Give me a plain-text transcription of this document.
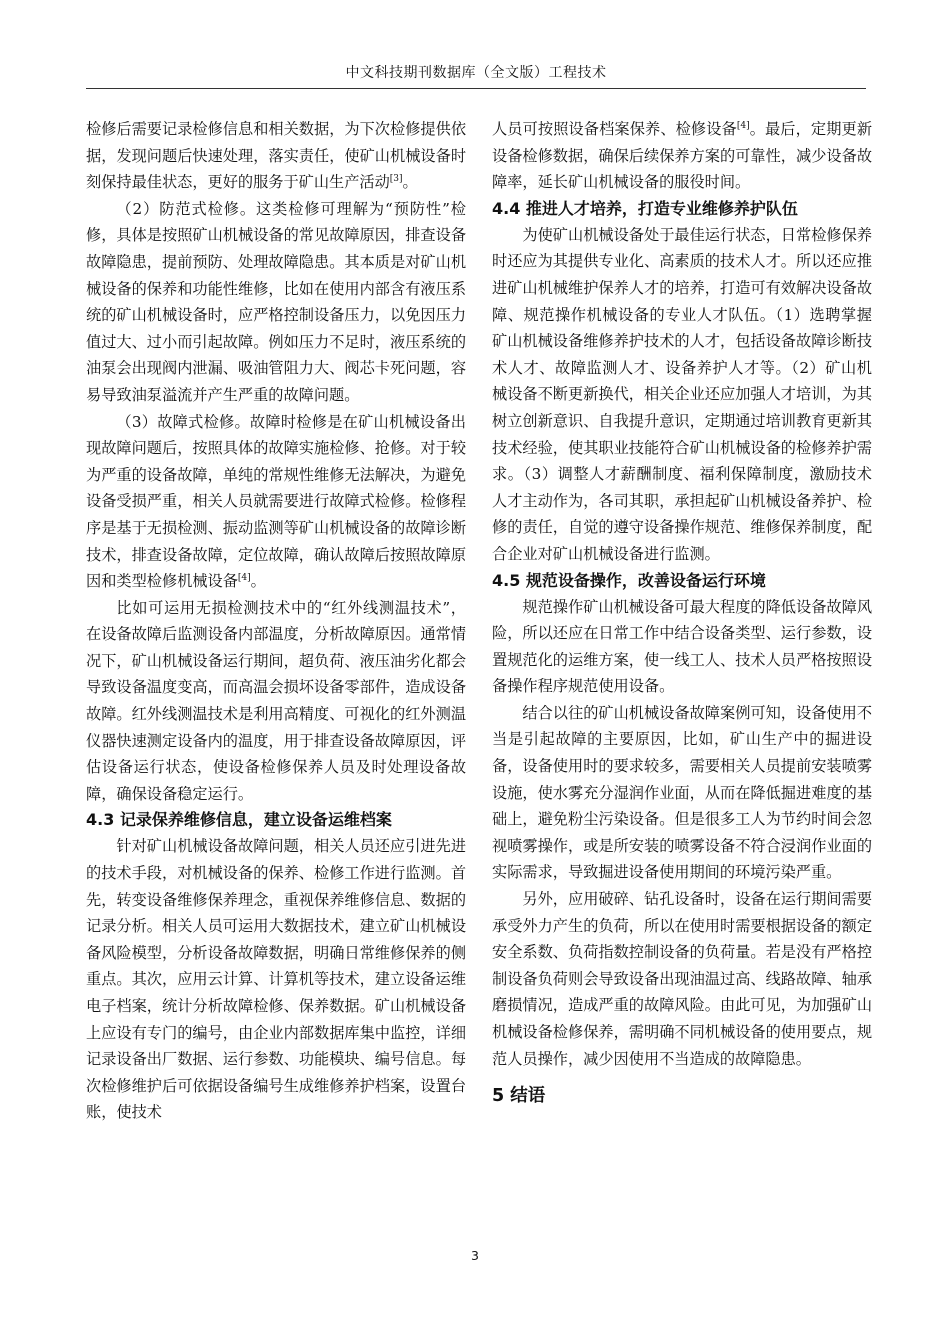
中文科技期刊数据库（全文版）工程技术

检修后需要记录检修信息和相关数据，为下次检修提供依据，发现问题后快速处理，落实责任，使矿山机械设备时刻保持最佳状态，更好的服务于矿山生产活动[3]。

（2）防范式检修。这类检修可理解为“预防性”检修，具体是按照矿山机械设备的常见故障原因，排查设备故障隐患，提前预防、处理故障隐患。其本质是对矿山机械设备的保养和功能性维修，比如在使用内部含有液压系统的矿山机械设备时，应严格控制设备压力，以免因压力值过大、过小而引起故障。例如压力不足时，液压系统的油泵会出现阀内泄漏、吸油管阻力大、阀芯卡死问题，容易导致油泵溢流并产生严重的故障问题。

（3）故障式检修。故障时检修是在矿山机械设备出现故障问题后，按照具体的故障实施检修、抢修。对于较为严重的设备故障，单纯的常规性维修无法解决，为避免设备受损严重，相关人员就需要进行故障式检修。检修程序是基于无损检测、振动监测等矿山机械设备的故障诊断技术，排查设备故障，定位故障，确认故障后按照故障原因和类型检修机械设备[4]。

比如可运用无损检测技术中的“红外线测温技术”，在设备故障后监测设备内部温度，分析故障原因。通常情况下，矿山机械设备运行期间，超负荷、液压油劣化都会导致设备温度变高，而高温会损坏设备零部件，造成设备故障。红外线测温技术是利用高精度、可视化的红外测温仪器快速测定设备内的温度，用于排查设备故障原因，评估设备运行状态，使设备检修保养人员及时处理设备故障，确保设备稳定运行。

4.3 记录保养维修信息，建立设备运维档案

针对矿山机械设备故障问题，相关人员还应引进先进的技术手段，对机械设备的保养、检修工作进行监测。首先，转变设备维修保养理念，重视保养维修信息、数据的记录分析。相关人员可运用大数据技术，建立矿山机械设备风险模型，分析设备故障数据，明确日常维修保养的侧重点。其次，应用云计算、计算机等技术，建立设备运维电子档案，统计分析故障检修、保养数据。矿山机械设备上应设有专门的编号，由企业内部数据库集中监控，详细记录设备出厂数据、运行参数、功能模块、编号信息。每次检修维护后可依据设备编号生成维修养护档案，设置台账，使技术

人员可按照设备档案保养、检修设备[4]。最后，定期更新设备检修数据，确保后续保养方案的可靠性，减少设备故障率，延长矿山机械设备的服役时间。

4.4 推进人才培养，打造专业维修养护队伍

为使矿山机械设备处于最佳运行状态，日常检修保养时还应为其提供专业化、高素质的技术人才。所以还应推进矿山机械维护保养人才的培养，打造可有效解决设备故障、规范操作机械设备的专业人才队伍。（1）选聘掌握矿山机械设备维修养护技术的人才，包括设备故障诊断技术人才、故障监测人才、设备养护人才等。（2）矿山机械设备不断更新换代，相关企业还应加强人才培训，为其树立创新意识、自我提升意识，定期通过培训教育更新其技术经验，使其职业技能符合矿山机械设备的检修养护需求。（3）调整人才薪酬制度、福利保障制度，激励技术人才主动作为，各司其职，承担起矿山机械设备养护、检修的责任，自觉的遵守设备操作规范、维修保养制度，配合企业对矿山机械设备进行监测。

4.5 规范设备操作，改善设备运行环境

规范操作矿山机械设备可最大程度的降低设备故障风险，所以还应在日常工作中结合设备类型、运行参数，设置规范化的运维方案，使一线工人、技术人员严格按照设备操作程序规范使用设备。

结合以往的矿山机械设备故障案例可知，设备使用不当是引起故障的主要原因，比如，矿山生产中的掘进设备，设备使用时的要求较多，需要相关人员提前安装喷雾设施，使水雾充分湿润作业面，从而在降低掘进难度的基础上，避免粉尘污染设备。但是很多工人为节约时间会忽视喷雾操作，或是所安装的喷雾设备不符合浸润作业面的实际需求，导致掘进设备使用期间的环境污染严重。

另外，应用破碎、钻孔设备时，设备在运行期间需要承受外力产生的负荷，所以在使用时需要根据设备的额定安全系数、负荷指数控制设备的负荷量。若是没有严格控制设备负荷则会导致设备出现油温过高、线路故障、轴承磨损情况，造成严重的故障风险。由此可见，为加强矿山机械设备检修保养，需明确不同机械设备的使用要点，规范人员操作，减少因使用不当造成的故障隐患。

5 结语
3
